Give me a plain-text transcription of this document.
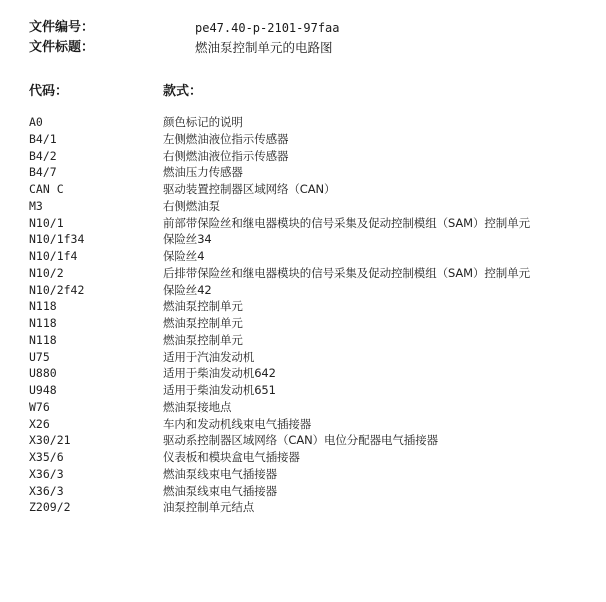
文件编号：	pe47.40-p-2101-97faa
文件标题：	燃油泵控制单元的电路图
代码：	款式：
A0	颜色标记的说明
B4/1	左侧燃油液位指示传感器
B4/2	右侧燃油液位指示传感器
B4/7	燃油压力传感器
CAN C	驱动装置控制器区域网络（CAN）
M3	右侧燃油泵
N10/1	前部带保险丝和继电器模块的信号采集及促动控制模组（SAM）控制单元
N10/1f34	保险丝34
N10/1f4	保险丝4
N10/2	后排带保险丝和继电器模块的信号采集及促动控制模组（SAM）控制单元
N10/2f42	保险丝42
N118	燃油泵控制单元
N118	燃油泵控制单元
N118	燃油泵控制单元
U75	适用于汽油发动机
U880	适用于柴油发动机642
U948	适用于柴油发动机651
W76	燃油泵接地点
X26	车内和发动机线束电气插接器
X30/21	驱动系控制器区域网络（CAN）电位分配器电气插接器
X35/6	仪表板和模块盒电气插接器
X36/3	燃油泵线束电气插接器
X36/3	燃油泵线束电气插接器
Z209/2	油泵控制单元结点
